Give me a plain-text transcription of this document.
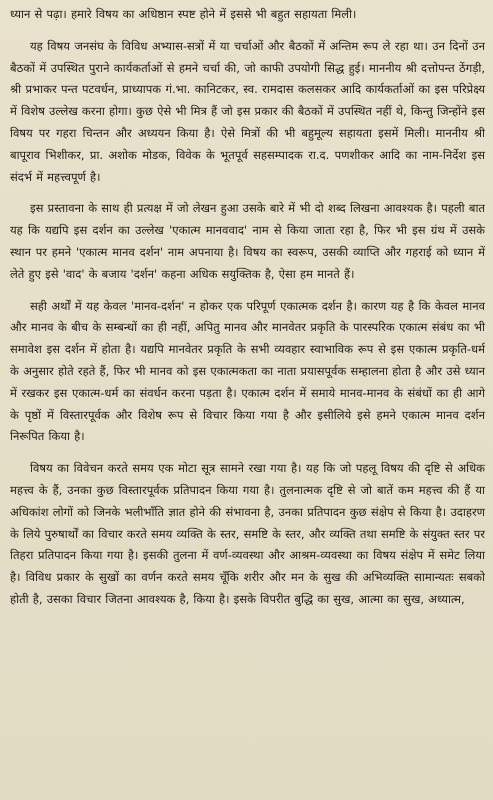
ध्यान से पढ़ा। हमारे विषय का अधिष्ठान स्पष्ट होने में इससे भी बहुत सहायता मिली।

यह विषय जनसंघ के विविध अभ्यास-सत्रों में या चर्चाओं और बैठकों में अन्तिम रूप ले रहा था। उन दिनों उन बैठकों में उपस्थित पुराने कार्यकर्ताओं से हमने चर्चा की, जो काफी उपयोगी सिद्ध हुई। माननीय श्री दत्तोपन्त ठेंगड़ी, श्री प्रभाकर पन्त पटवर्धन, प्राध्यापक गं.भा. कानिटकर, स्व. रामदास कलसकर आदि कार्यकर्ताओं का इस परिप्रेक्ष्य में विशेष उल्लेख करना होगा। कुछ ऐसे भी मित्र हैं जो इस प्रकार की बैठकों में उपस्थित नहीं थे, किन्तु जिन्होंने इस विषय पर गहरा चिन्तन और अध्ययन किया है। ऐसे मित्रों की भी बहुमूल्य सहायता इसमें मिली। माननीय श्री बापूराव भिशीकर, प्रा. अशोक मोडक, विवेक के भूतपूर्व सहसम्पादक रा.द. पणशीकर आदि का नाम-निर्देश इस संदर्भ में महत्त्वपूर्ण है।

इस प्रस्तावना के साथ ही प्रत्यक्ष में जो लेखन हुआ उसके बारे में भी दो शब्द लिखना आवश्यक है। पहली बात यह कि यद्यपि इस दर्शन का उल्लेख 'एकात्म मानववाद' नाम से किया जाता रहा है, फिर भी इस ग्रंथ में उसके स्थान पर हमने 'एकात्म मानव दर्शन' नाम अपनाया है। विषय का स्वरूप, उसकी व्याप्ति और गहराई को ध्यान में लेते हुए इसे 'वाद' के बजाय 'दर्शन' कहना अधिक सयुक्तिक है, ऐसा हम मानते हैं।

सही अर्थों में यह केवल 'मानव-दर्शन' न होकर एक परिपूर्ण एकात्मक दर्शन है। कारण यह है कि केवल मानव और मानव के बीच के सम्बन्धों का ही नहीं, अपितु मानव और मानवेतर प्रकृति के पारस्परिक एकात्म संबंध का भी समावेश इस दर्शन में होता है। यद्यपि मानवेतर प्रकृति के सभी व्यवहार स्वाभाविक रूप से इस एकात्म प्रकृति-धर्म के अनुसार होते रहते हैं, फिर भी मानव को इस एकात्मकता का नाता प्रयासपूर्वक सम्हालना होता है और उसे ध्यान में रखकर इस एकात्म-धर्म का संवर्धन करना पड़ता है। एकात्म दर्शन में समाये मानव-मानव के संबंधों का ही आगे के पृष्ठों में विस्तारपूर्वक और विशेष रूप से विचार किया गया है और इसीलिये इसे हमने एकात्म मानव दर्शन निरूपित किया है।

विषय का विवेचन करते समय एक मोटा सूत्र सामने रखा गया है। यह कि जो पहलू विषय की दृष्टि से अधिक महत्त्व के हैं, उनका कुछ विस्तारपूर्वक प्रतिपादन किया गया है। तुलनात्मक दृष्टि से जो बातें कम महत्त्व की हैं या अधिकांश लोगों को जिनके भलीभाँति ज्ञात होने की संभावना है, उनका प्रतिपादन कुछ संक्षेप से किया है। उदाहरण के लिये पुरुषार्थों का विचार करते समय व्यक्ति के स्तर, समष्टि के स्तर, और व्यक्ति तथा समष्टि के संयुक्त स्तर पर तिहरा प्रतिपादन किया गया है। इसकी तुलना में वर्ण-व्यवस्था और आश्रम-व्यवस्था का विषय संक्षेप में समेट लिया है। विविध प्रकार के सुखों का वर्णन करते समय चूँकि शरीर और मन के सुख की अभिव्यक्ति सामान्यतः सबको होती है, उसका विचार जितना आवश्यक है, किया है। इसके विपरीत बुद्धि का सुख, आत्मा का सुख, अध्यात्म,
